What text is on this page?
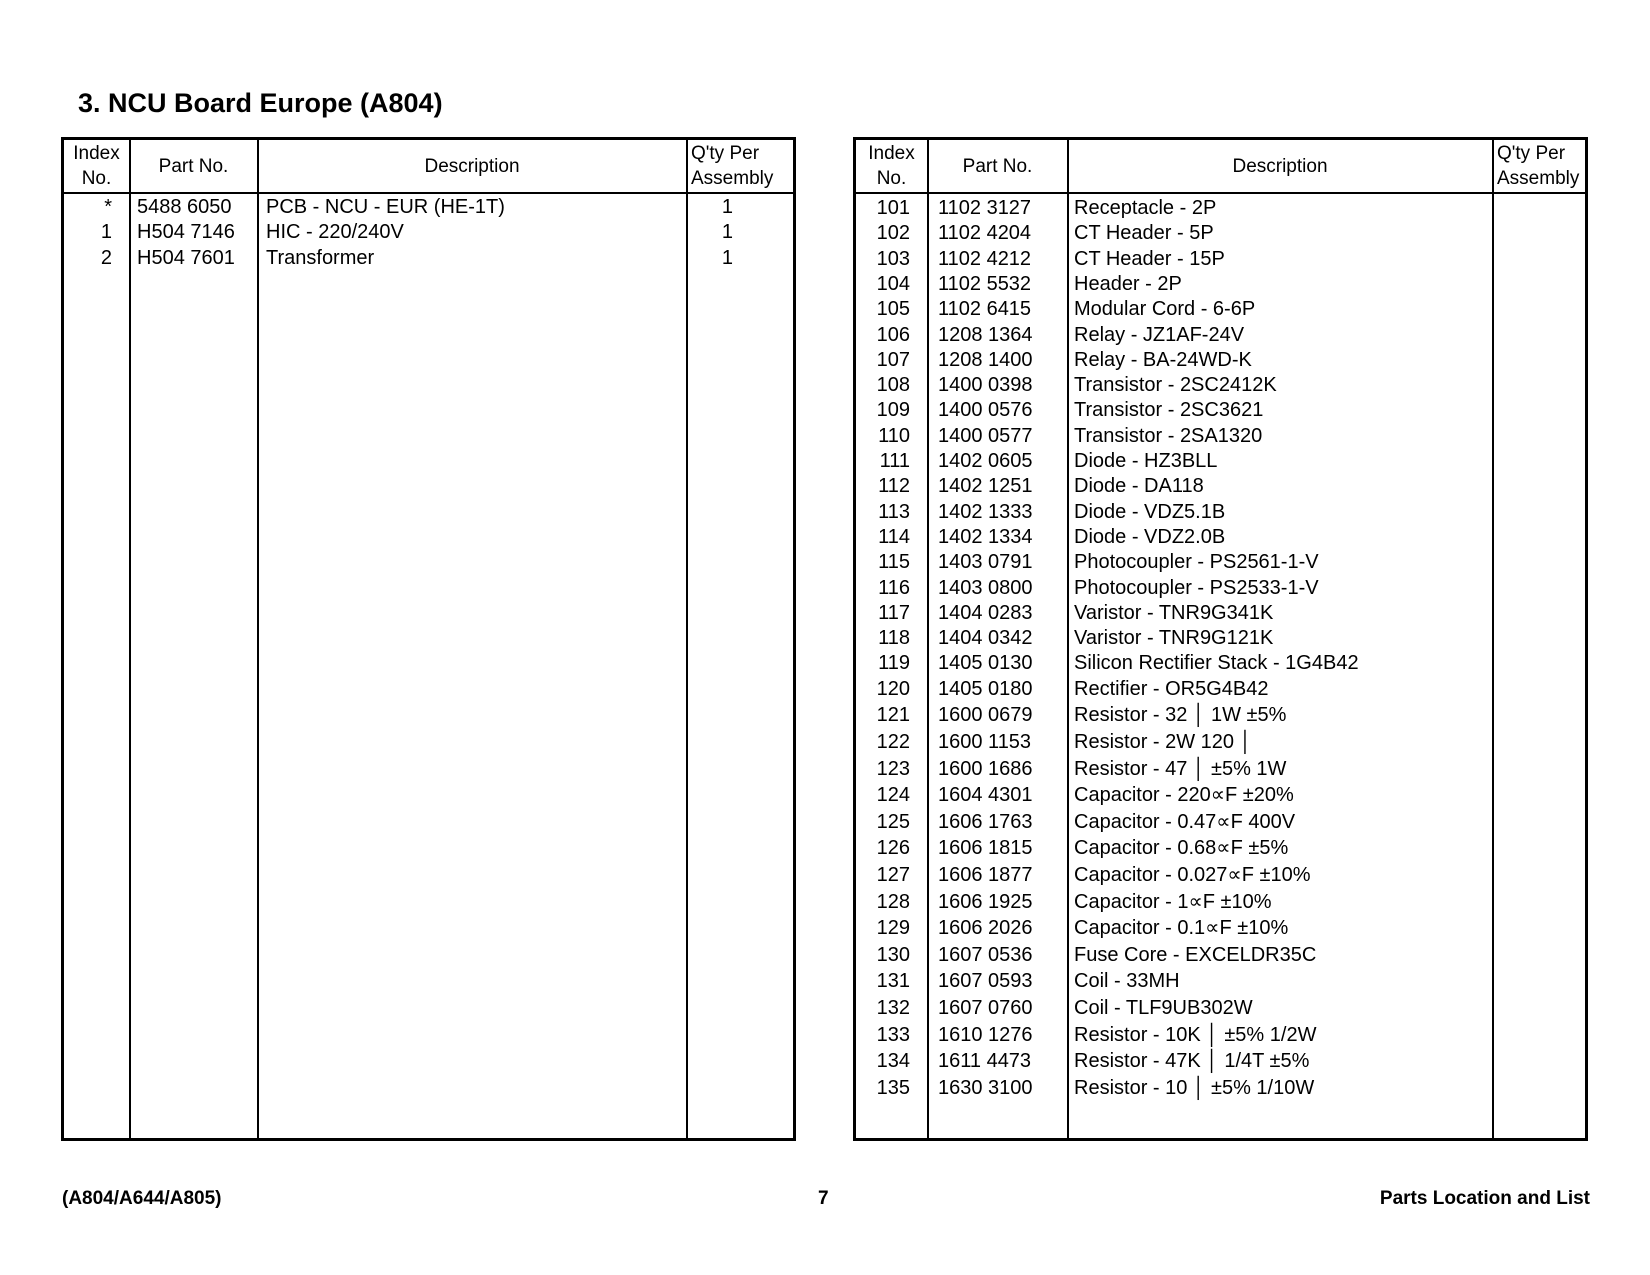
3. NCU Board Europe (A804)
Index
No.
Part No.	Description
Q'ty Per
Assembly
* 5488 6050 PCB - NCU - EUR (HE-1T)	1
1 H504 7146 HIC - 220/240V	1
2 H504 7601 Transformer	1
Index
No.
Part No.	Description
Q'ty Per
Assembly
101 1102 3127 Receptacle - 2P
102 1102 4204 CT Header - 5P
103 1102 4212 CT Header - 15P
104 1102 5532 Header - 2P
105 1102 6415 Modular Cord - 6-6P
106 1208 1364 Relay - JZ1AF-24V
107 1208 1400 Relay - BA-24WD-K
108 1400 0398 Transistor - 2SC2412K
109 1400 0576 Transistor - 2SC3621
110 1400 0577 Transistor - 2SA1320
111 1402 0605 Diode - HZ3BLL
112 1402 1251 Diode - DA118
113 1402 1333 Diode - VDZ5.1B
114 1402 1334 Diode - VDZ2.0B
115 1403 0791 Photocoupler - PS2561-1-V
116 1403 0800 Photocoupler - PS2533-1-V
117 1404 0283 Varistor - TNR9G341K
118 1404 0342 Varistor - TNR9G121K
119 1405 0130 Silicon Rectifier Stack - 1G4B42
120 1405 0180 Rectifier - OR5G4B42
121 1600 0679 Resistor - 32 │ 1W ±5%
122 1600 1153 Resistor - 2W 120 │
123 1600 1686 Resistor - 47 │ ±5% 1W
124 1604 4301 Capacitor - 220∝F ±20%
125 1606 1763 Capacitor - 0.47∝F 400V
126 1606 1815 Capacitor - 0.68∝F ±5%
127 1606 1877 Capacitor - 0.027∝F ±10%
128 1606 1925 Capacitor - 1∝F ±10%
129 1606 2026 Capacitor - 0.1∝F ±10%
130 1607 0536 Fuse Core - EXCELDR35C
131 1607 0593 Coil - 33MH
132 1607 0760 Coil - TLF9UB302W
133 1610 1276 Resistor - 10K │ ±5% 1/2W
134 1611 4473 Resistor - 47K │ 1/4T ±5%
135 1630 3100 Resistor - 10 │ ±5% 1/10W
(A804/A644/A805)	7	Parts Location and List
